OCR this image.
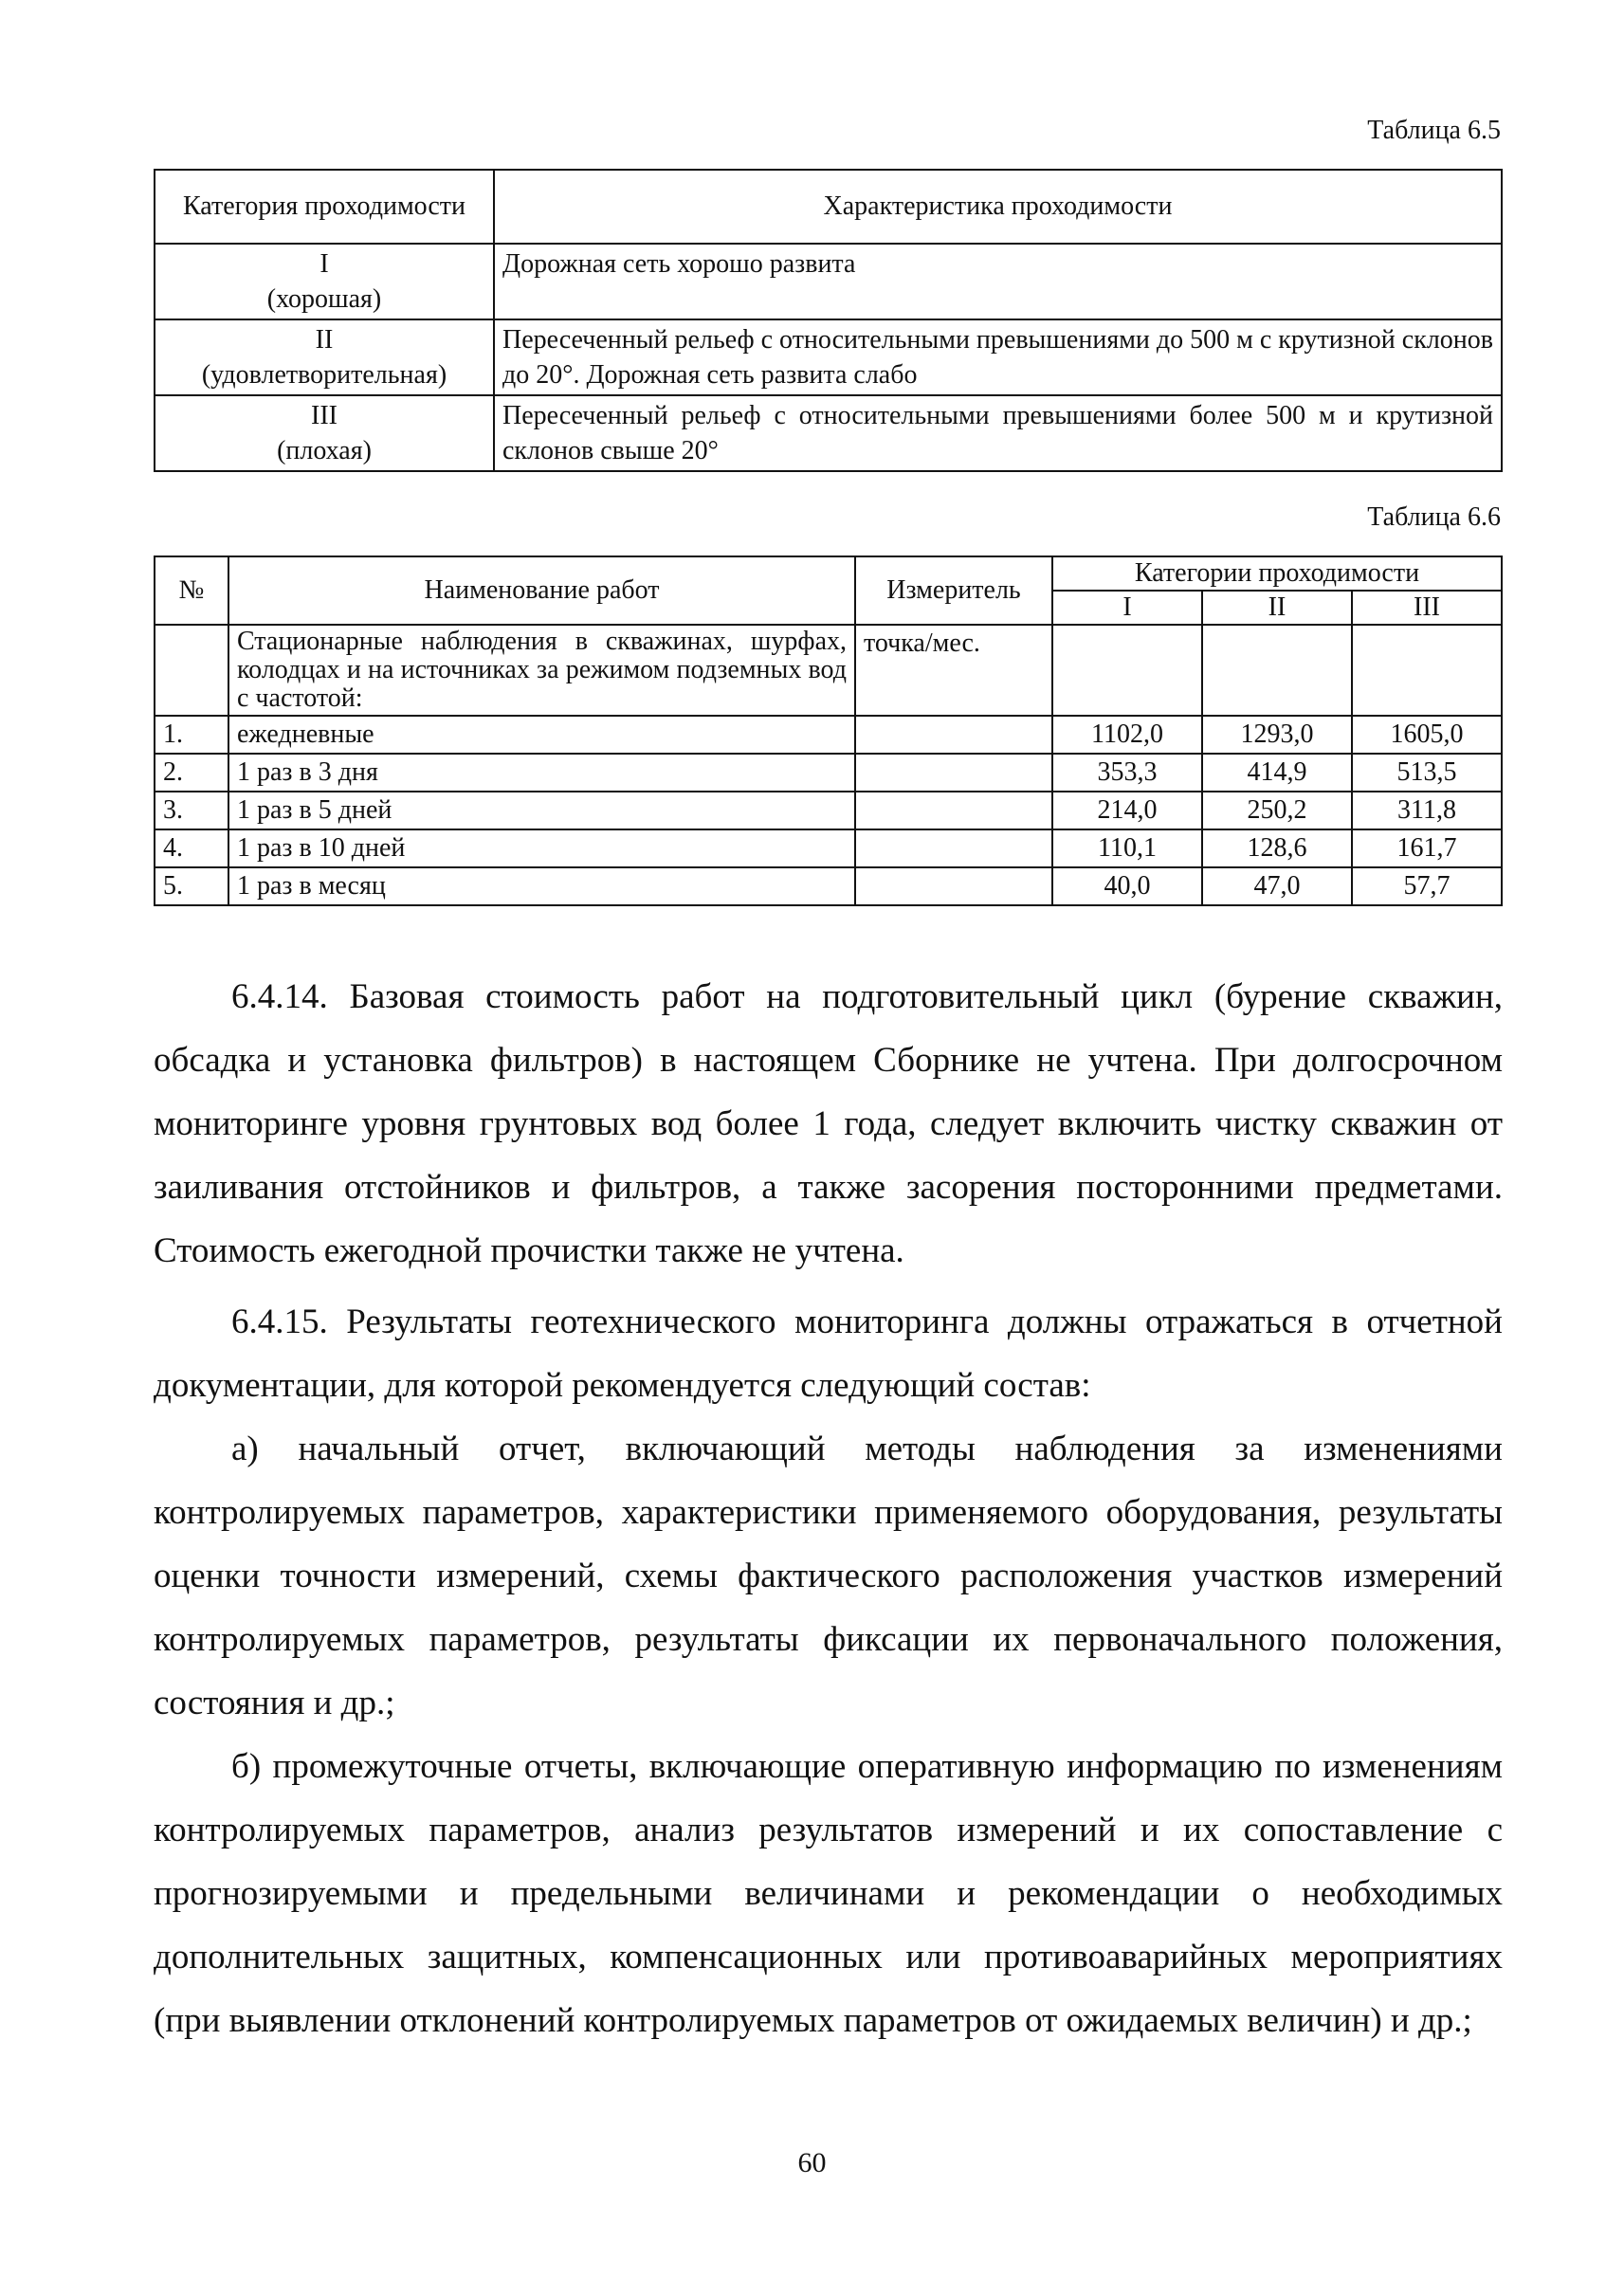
Таблица 6.5
Категория проходимости	Характеристика проходимости

I
(хорошая)	Дорожная сеть хорошо развита

II
(удовлетворительная)	Пересеченный рельеф с относительными превышениями до 500 м с крутизной склонов до 20°. Дорожная сеть развита слабо

III
(плохая)	Пересеченный рельеф с относительными превышениями более 500 м и крутизной склонов свыше 20°
Таблица 6.6
№	Наименование работ	Измеритель	Категории проходимости		
			I	II	III
	Стационарные наблюдения в скважинах, шурфах, колодцах и на источниках за режимом подземных вод с частотой:	точка/мес.			
1.	ежедневные		1102,0	1293,0	1605,0
2.	1 раз в 3 дня		353,3	414,9	513,5
3.	1 раз в 5 дней		214,0	250,2	311,8
4.	1 раз в 10 дней		110,1	128,6	161,7
5.	1 раз в месяц		40,0	47,0	57,7

6.4.14. Базовая стоимость работ на подготовительный цикл (бурение скважин, обсадка и установка фильтров) в настоящем Сборнике не учтена. При долгосрочном мониторинге уровня грунтовых вод более 1 года, следует включить чистку скважин от заиливания отстойников и фильтров, а также засорения посторонними предметами. Стоимость ежегодной прочистки также не учтена.

6.4.15. Результаты геотехнического мониторинга должны отражаться в отчетной документации, для которой рекомендуется следующий состав:

а) начальный отчет, включающий методы наблюдения за изменениями контролируемых параметров, характеристики применяемого оборудования, результаты оценки точности измерений, схемы фактического расположения участков измерений контролируемых параметров, результаты фиксации их первоначального положения, состояния и др.;

б) промежуточные отчеты, включающие оперативную информацию по изменениям контролируемых параметров, анализ результатов измерений и их сопоставление с прогнозируемыми и предельными величинами и рекомендации о необходимых дополнительных защитных, компенсационных или противоаварийных мероприятиях (при выявлении отклонений контролируемых параметров от ожидаемых величин) и др.;

60
